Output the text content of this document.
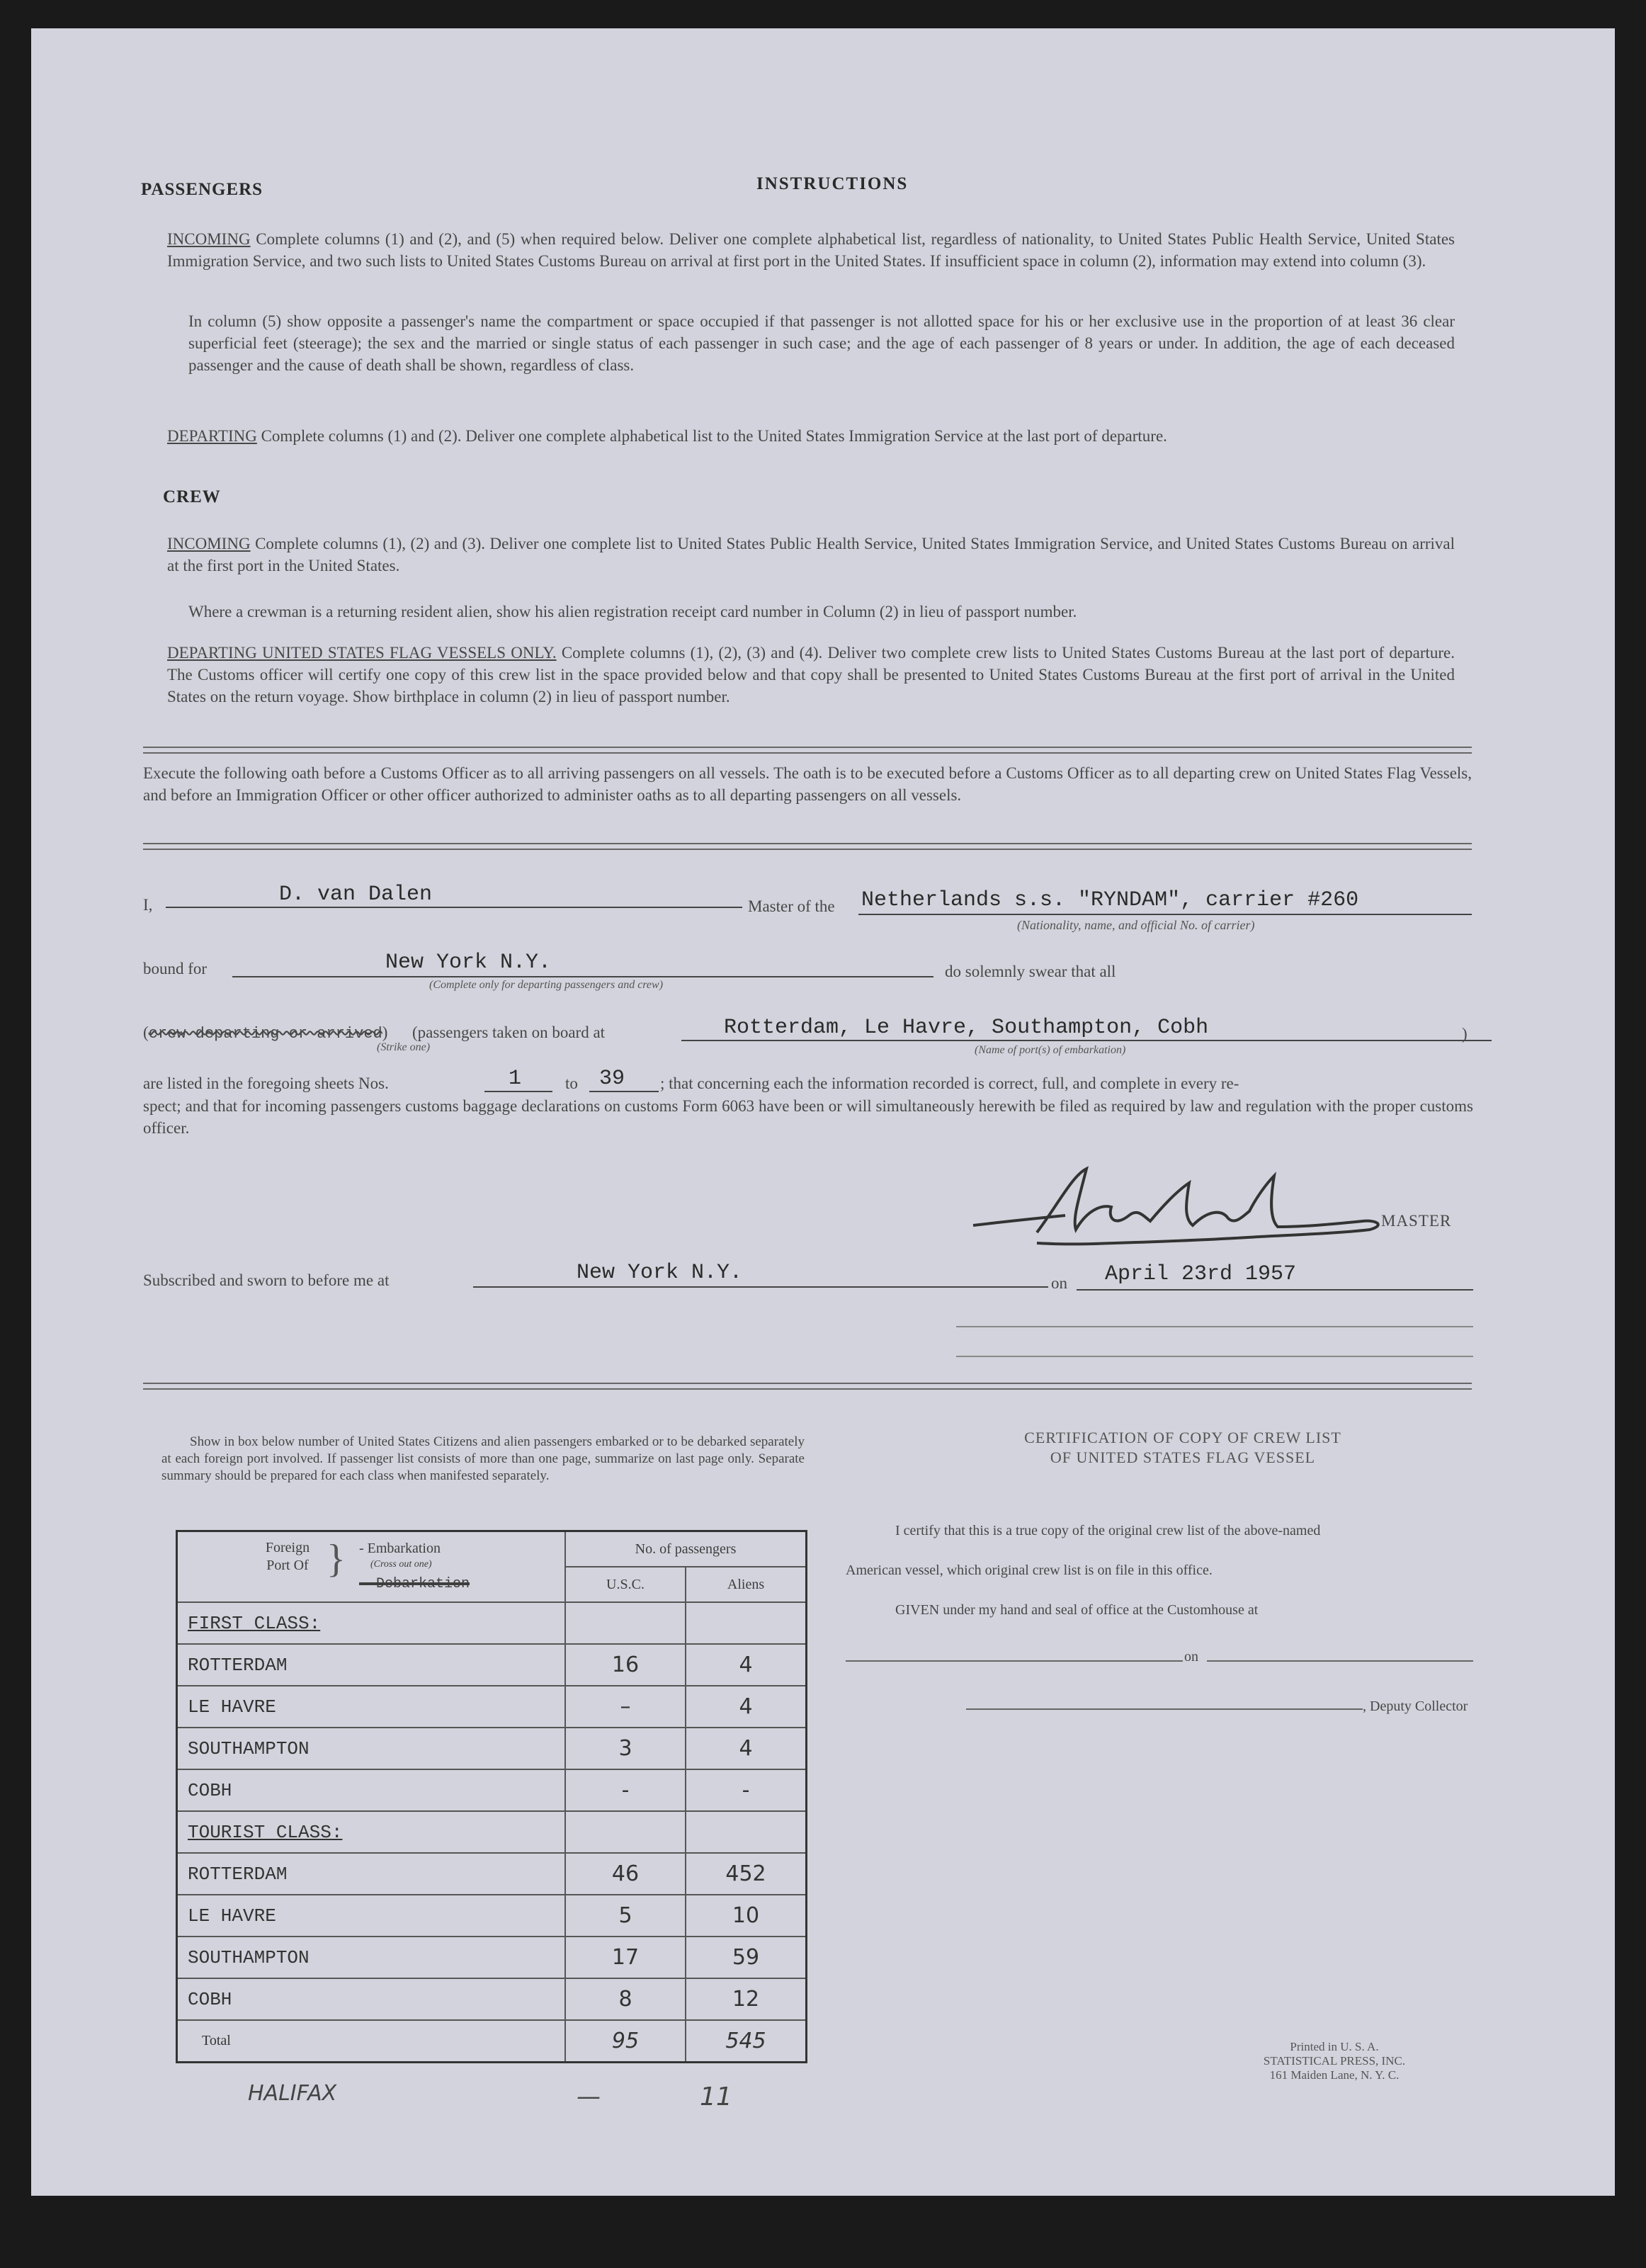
INSTRUCTIONS
PASSENGERS
INCOMING Complete columns (1) and (2), and (5) when required below. Deliver one complete alphabetical list, regardless of nationality, to United States Public Health Service, United States Immigration Service, and two such lists to United States Customs Bureau on arrival at first port in the United States. If insufficient space in column (2), information may extend into column (3).
In column (5) show opposite a passenger's name the compartment or space occupied if that passenger is not allotted space for his or her exclusive use in the proportion of at least 36 clear superficial feet (steerage); the sex and the married or single status of each passenger in such case; and the age of each passenger of 8 years or under. In addition, the age of each deceased passenger and the cause of death shall be shown, regardless of class.
DEPARTING Complete columns (1) and (2). Deliver one complete alphabetical list to the United States Immigration Service at the last port of departure.
CREW
INCOMING Complete columns (1), (2) and (3). Deliver one complete list to United States Public Health Service, United States Immigration Service, and United States Customs Bureau on arrival at the first port in the United States.
Where a crewman is a returning resident alien, show his alien registration receipt card number in Column (2) in lieu of passport number.
DEPARTING UNITED STATES FLAG VESSELS ONLY. Complete columns (1), (2), (3) and (4). Deliver two complete crew lists to United States Customs Bureau at the last port of departure. The Customs officer will certify one copy of this crew list in the space provided below and that copy shall be presented to United States Customs Bureau at the first port of arrival in the United States on the return voyage. Show birthplace in column (2) in lieu of passport number.
Execute the following oath before a Customs Officer as to all arriving passengers on all vessels. The oath is to be executed before a Customs Officer as to all departing crew on United States Flag Vessels, and before an Immigration Officer or other officer authorized to administer oaths as to all departing passengers on all vessels.
I,	D. van Dalen	Master of the Netherlands s.s. "RYNDAM", carrier #260
(Nationality, name, and official No. of carrier)
bound for	New York N.Y.
(Complete only for departing passengers and crew)
do solemnly swear that all
(crew departing or arrived) (passengers taken on board at
(Strike one)
Rotterdam, Le Havre, Southampton, Cobh
(Name of port(s) of embarkation)
)
are listed in the foregoing sheets Nos.	1	to 39 ; that concerning each the information recorded is correct, full, and complete in every re-
spect; and that for incoming passengers customs baggage declarations on customs Form 6063 have been or will simultaneously herewith be filed as required by law and regulation with the proper customs officer.
MASTER
Subscribed and sworn to before me at	New York N.Y.	on April 23rd 1957
Show in box below number of United States Citizens and alien passengers embarked or to be debarked separately at each foreign port involved. If passenger list consists of more than one page, summarize on last page only. Separate summary should be prepared for each class when manifested separately.
Foreign Port Of } - Embarkation
(Cross out one)
- Debarkation	No. of passengers	
	U.S.C.	Aliens
FIRST CLASS:		
ROTTERDAM	16	4
LE HAVRE	–	4
SOUTHAMPTON	3	4
COBH	-	-
TOURIST CLASS:		
ROTTERDAM	46	452
LE HAVRE	5	10
SOUTHAMPTON	17	59
COBH	8	12
Total	95	545
HALIFAX	—	11
CERTIFICATION OF COPY OF CREW LIST
OF UNITED STATES FLAG VESSEL
I certify that this is a true copy of the original crew list of the above-named
American vessel, which original crew list is on file in this office.
GIVEN under my hand and seal of office at the Customhouse at
on
, Deputy Collector
Printed in U. S. A.
STATISTICAL PRESS, INC.
161 Maiden Lane, N. Y. C.
